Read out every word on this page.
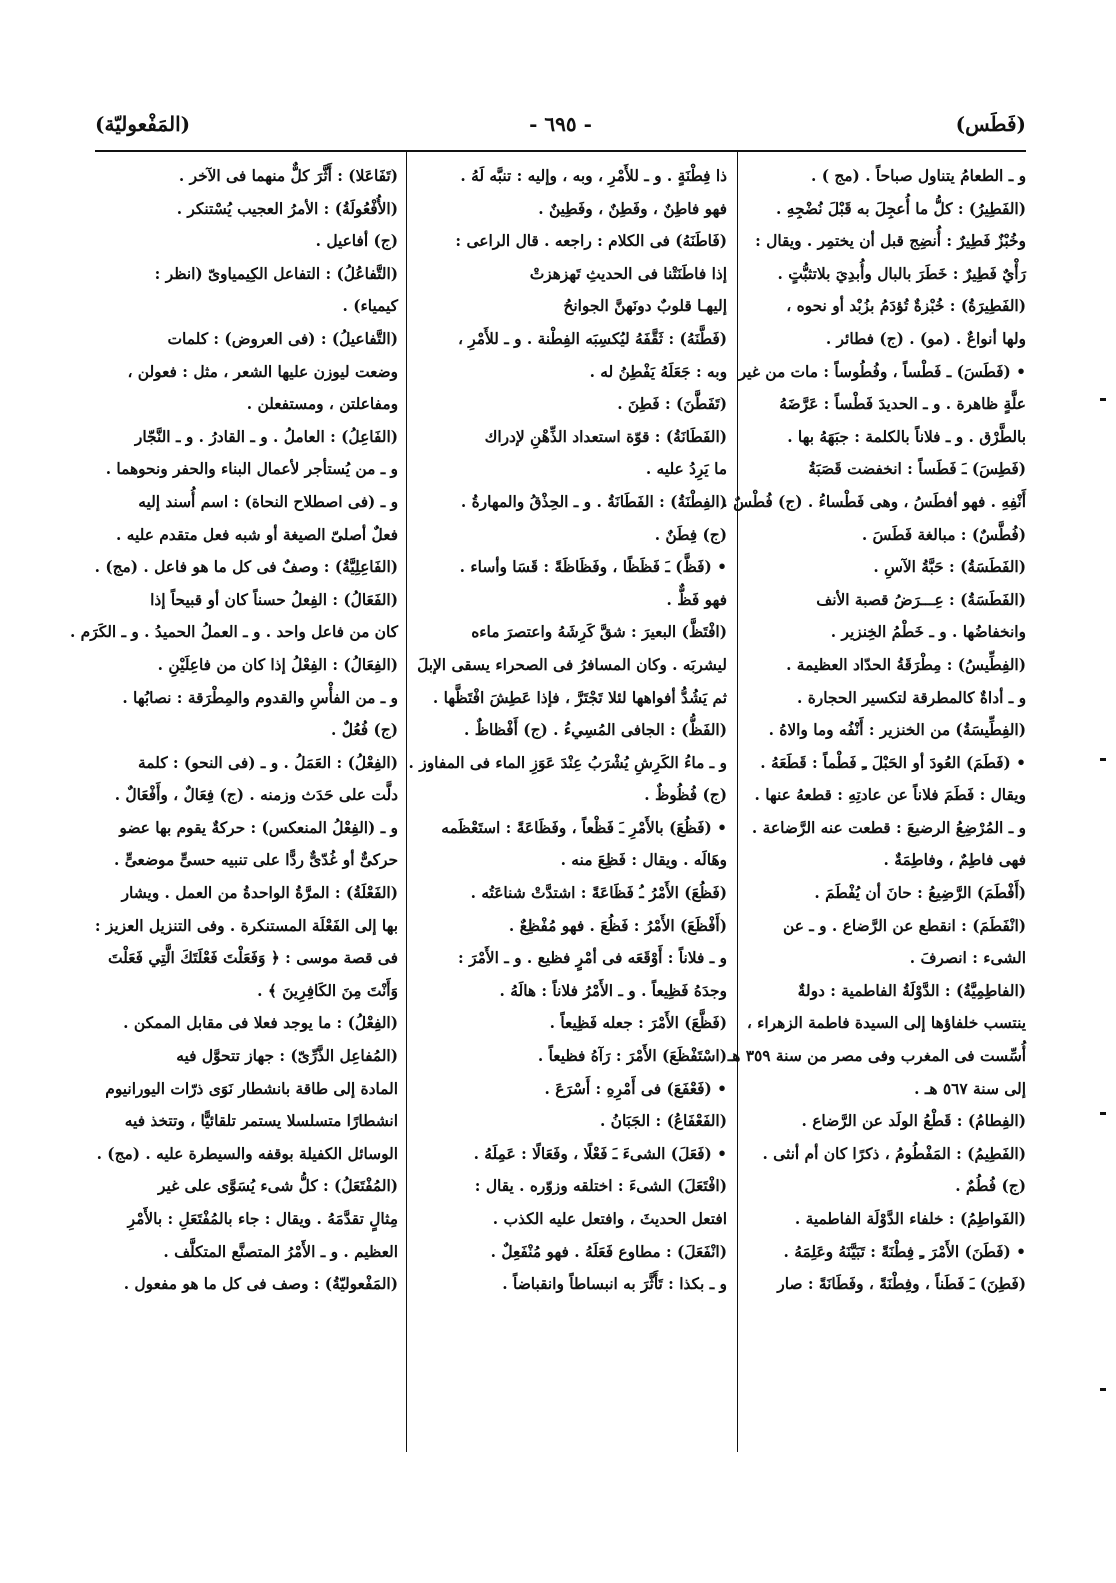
(فَطَس)
- ٦٩٥ -
(المَفْعوليّة)
و ـ الطعامُ يتناول صباحاً . (مج ) .
(الفَطِيرُ) : كلُّ ما أُعجِلَ به قَبْلَ نُضْجِهِ .
وخُبْزٌ فَطِيرٌ : أُنضِج قبل أن يختمِر . ويقال :
رَأْيٌ فَطِيرٌ : خَطَرَ بالبال وأُبدِيَ بلاتثبُّتٍ .
(الفَطِيرَةُ) : خُبْزةٌ تُؤدَمُ بزُبْد أو نحوه ،
ولها أنواعٌ . (مو) . (ج) فطائر .
• (فَطَسَ) ـ فَطْساً ، وفُطُوساً : مات من غير
علَّةٍ ظاهرة . و ـ الحديدَ فَطْساً : عَرَّضَهُ
بالطَّرْق . و ـ فلاناً بالكلمة : جبَهَهُ بها .
(فَطِسَ) ـَ فَطَساً : انخفضت قَصَبَةُ
أَنْفِهِ . فهو أفطَسُ ، وهى فَطْساءُ . (ج) فُطْسٌ .
(فُطَّسٌ) : مبالغة فَطَسَ .
(الفَطَسَةُ) : حَبَّةُ الآسِ .
(الفَطَسَةُ) : عِـــرَضُ قصبة الأنف
وانخفاضُها . و ـ خَطْمُ الخِنزير .
(الفِطِّيسُ) : مِطْرَقَةُ الحدّاد العظيمة .
و ـ أداةٌ كالمطرقة لتكسير الحجارة .
(الفِطِّيسَةُ) من الخنزير : أَنْفُه وما والاهُ .
• (فَطَمَ) العُودَ أو الحَبْلَ ـِ فَطْماً : قَطَعَهُ .
ويقال : فَطَمَ فلاناً عن عادتِهِ : قطعهُ عنها .
و ـ المُرْضِعُ الرضيعَ : قطعت عنه الرَّضاعة .
فهى فاطِمٌ ، وفاطِمَةٌ .
(أَفْطَمَ) الرَّضِيعُ : حانَ أن يُفْطَمَ .
(انْفَطَمَ) : انقطع عن الرَّضاع . و ـ عن
الشىء : انصرفَ .
(الفاطِمِيَّةُ) : الدَّوْلَةُ الفاطمية : دولةٌ
ينتسب خلفاؤها إلى السيدة فاطمة الزهراء ،
أُسِّست فى المغرب وفى مصر من سنة ٣٥٩ هـ
إلى سنة ٥٦٧ هـ .
(الفِطامُ) : قَطْعُ الولَد عن الرَّضاع .
(الفَطِيمُ) : المَفْطُومُ ، ذكرًا كان أم أنثى .
(ج) فُطُمٌ .
(الفَواطِمُ) : خلفاء الدَّوْلَة الفاطمية .
• (فَطَنَ) الأَمْرَ ـِ فِطْنَةً : تَبَيَّنَهُ وعَلِمَهُ .
(فَطِنَ) ـَ فَطَناً ، وفِطْنَةً ، وفَطَانَةً : صار
ذا فِطْنَةٍ . و ـ للأَمْرِ ، وبه ، وإليه : تنبَّه لَهُ .
فهو فاطِنٌ ، وفَطِنٌ ، وفَطِينٌ .
(فَاطَنَهُ) فى الكلام : راجعه . قال الراعى :
إذا فاطَنَتْنا فى الحديثِ تَهزهزتْ
إليهـا قلوبٌ دونَهنَّ الجوانحُ
(فَطَّنَهُ) : ثَقَّفَهُ ليُكسِبَه الفِطْنة . و ـ للأَمْرِ ،
وبه : جَعَلَهُ يَفْطِنُ له .
(تَفَطَّنَ) : فَطِنَ .
(الفَطَانَةُ) : قوّة استعداد الذِّهْنِ لإدراك
ما يَرِدُ عليه .
(الفِطْنَةُ) : الفَطَانَةُ . و ـ الحِذْقُ والمهارةُ .
(ج) فِطَنٌ .
• (فَظَّ) ـَ فَظَظًا ، وفَظَاظَةً : قَسَا وأساء .
فهو فَظٌّ .
(افْتَظَّ) البعيرَ : شقَّ كَرِشَهُ واعتصرَ ماءه
ليشربَه . وكان المسافرُ فى الصحراء يسقى الإبلَ
ثم يَشُدُّ أفواهها لئلا تَجْتَرَّ ، فإذا عَطِشَ افْتَظَّها .
(الفَظُّ) : الجافى المُسِيءُ . (ج) أَفْظاظٌ .
و ـ ماءُ الكَرِشِ يُشْرَبُ عِنْدَ عَوَزِ الماء فى المفاوز .
(ج) فُظُوظٌ .
• (فَظُعَ) بالأَمْرِ ـَ فَظْعاً ، وفَظَاعَةً : استَعْظَمه
وهَالَه . ويقال : فَظِعَ منه .
(فَظُعَ) الأَمْرُ ـُ فَظَاعَةً : اشتدَّتْ شناعَتُه .
(أَفْظَعَ) الأَمْرُ : فَظُعَ . فهو مُفْظِعٌ .
و ـ فلاناً : أَوْقَعَه فى أمْرٍ فظيع . و ـ الأَمْرَ :
وجدَهُ فَظِيعاً . و ـ الأَمْرُ فلاناً : هالَهُ .
(فَظَّعَ) الأَمْرَ : جعله فَظِيعاً .
(اسْتَفْظَعَ) الأَمْرَ : رَآهُ فظيعاً .
• (فَعْفَعَ) فى أَمْرِهِ : أَسْرَعَ .
(الفَعْفَاعُ) : الجَبَانُ .
• (فَعَلَ) الشىءَ ـَ فَعْلًا ، وفَعَالًا : عَمِلَهُ .
(افْتَعَلَ) الشىءَ : اختلقه وزوّره . يقال :
افتعل الحديثَ ، وافتعل عليه الكذب .
(انْفَعَلَ) : مطاوع فَعَلَهُ . فهو مُنْفَعِلٌ .
و ـ بكذا : تَأَثَّرَ به انبساطاً وانقباضاً .
(تَفَاعَلا) : أَثَّرَ كلٌّ منهما فى الآخر .
(الأُفْعُولَةُ) : الأمرُ العجيب يُسْتنكر .
(ج) أفاعيل .
(التَّفاعُلُ) : التفاعل الكِيمياوىّ (انظر :
كيمياء) .
(التَّفاعيلُ) : (فى العروض) : كلمات
وضعت ليوزن عليها الشعر ، مثل : فعولن ،
ومفاعلتن ، ومستفعلن .
(الفَاعِلُ) : العاملُ . و ـ القادرُ . و ـ النَّجّار
و ـ من يُستأجر لأعمال البناء والحفر ونحوهما .
و ـ (فى اصطلاح النحاة) : اسم أُسند إليه
فعلٌ أصلىّ الصيغة أو شبه فعل متقدم عليه .
(الفَاعِلِيَّةُ) : وصفٌ فى كل ما هو فاعل . (مج) .
(الفَعَالُ) : الفِعلُ حسناً كان أو قبيحاً إذا
كان من فاعل واحد . و ـ العملُ الحميدُ . و ـ الكَرَم .
(الفِعَالُ) : الفِعْلُ إذا كان من فاعِلَيْنِ .
و ـ من الفأْسِ والقدوم والمِطْرَقة : نصابُها .
(ج) فُعُلٌ .
(الفِعْلُ) : العَمَلُ . و ـ (فى النحو) : كلمة
دلَّت على حَدَث وزمنه . (ج) فِعَالٌ ، وأَفْعَالٌ .
و ـ (الفِعْلُ المنعكس) : حركةٌ يقوم بها عضو
حركىٌّ أو غُدّىٌّ ردًّا على تنبيه حسىٍّ موضعىٍّ .
(الفَعْلَةُ) : المرَّةُ الواحدةُ من العمل . ويشار
بها إلى الفَعْلَة المستنكرة . وفى التنزيل العزيز :
فى قصة موسى : ﴿ وَفَعَلْتَ فَعْلَتَكَ الَّتِي فَعَلْتَ
وَأَنْتَ مِنَ الكَافِرِينَ ﴾ .
(الفِعْلُ) : ما يوجد فعلا فى مقابل الممكن .
(المُفاعِل الذَّرِّىّ) : جهاز تتحوَّل فيه
المادة إلى طاقة بانشطار نَوَى ذرّات اليورانيوم
انشطارًا متسلسلا يستمر تلقائيًّا ، وتتخذ فيه
الوسائل الكفيلة بوقفه والسيطرة عليه . (مج) .
(المُفْتَعَلُ) : كلُّ شىء يُسَوَّى على غير
مِثالٍ تقدَّمَهُ . ويقال : جاء بالمُفْتَعَلِ : بالأَمْرِ
العظيم . و ـ الأَمْرُ المتصنَّع المتكلَّف .
(المَفْعوليّةُ) : وصف فى كل ما هو مفعول .
